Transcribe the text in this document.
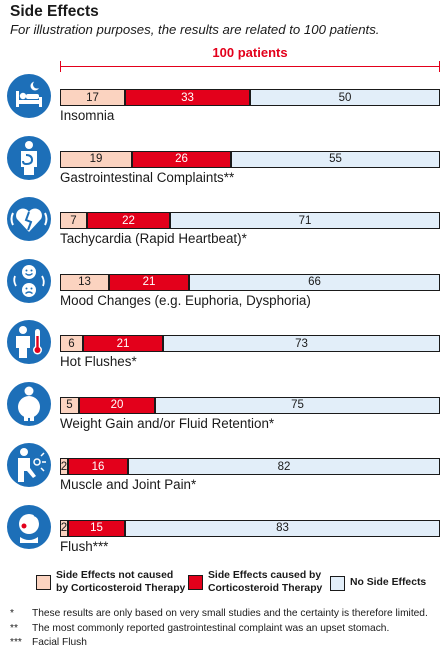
Side Effects
For illustration purposes, the results are related to 100 patients.
100 patients
17	33	50
Insomnia
19	26	55
Gastrointestinal Complaints**
7	22	71
Tachycardia (Rapid Heartbeat)*
13	21	66
Mood Changes (e.g. Euphoria, Dysphoria)
6	21	73
Hot Flushes*
5	20	75
Weight Gain and/or Fluid Retention*
2	16	82
Muscle and Joint Pain*
2	15	83
Flush***
Side Effects not caused
by Corticosteroid Therapy
Side Effects caused by
Corticosteroid Therapy
No Side Effects
*	These results are only based on very small studies and the certainty is therefore limited.
**	The most commonly reported gastrointestinal complaint was an upset stomach.
*** Facial Flush
